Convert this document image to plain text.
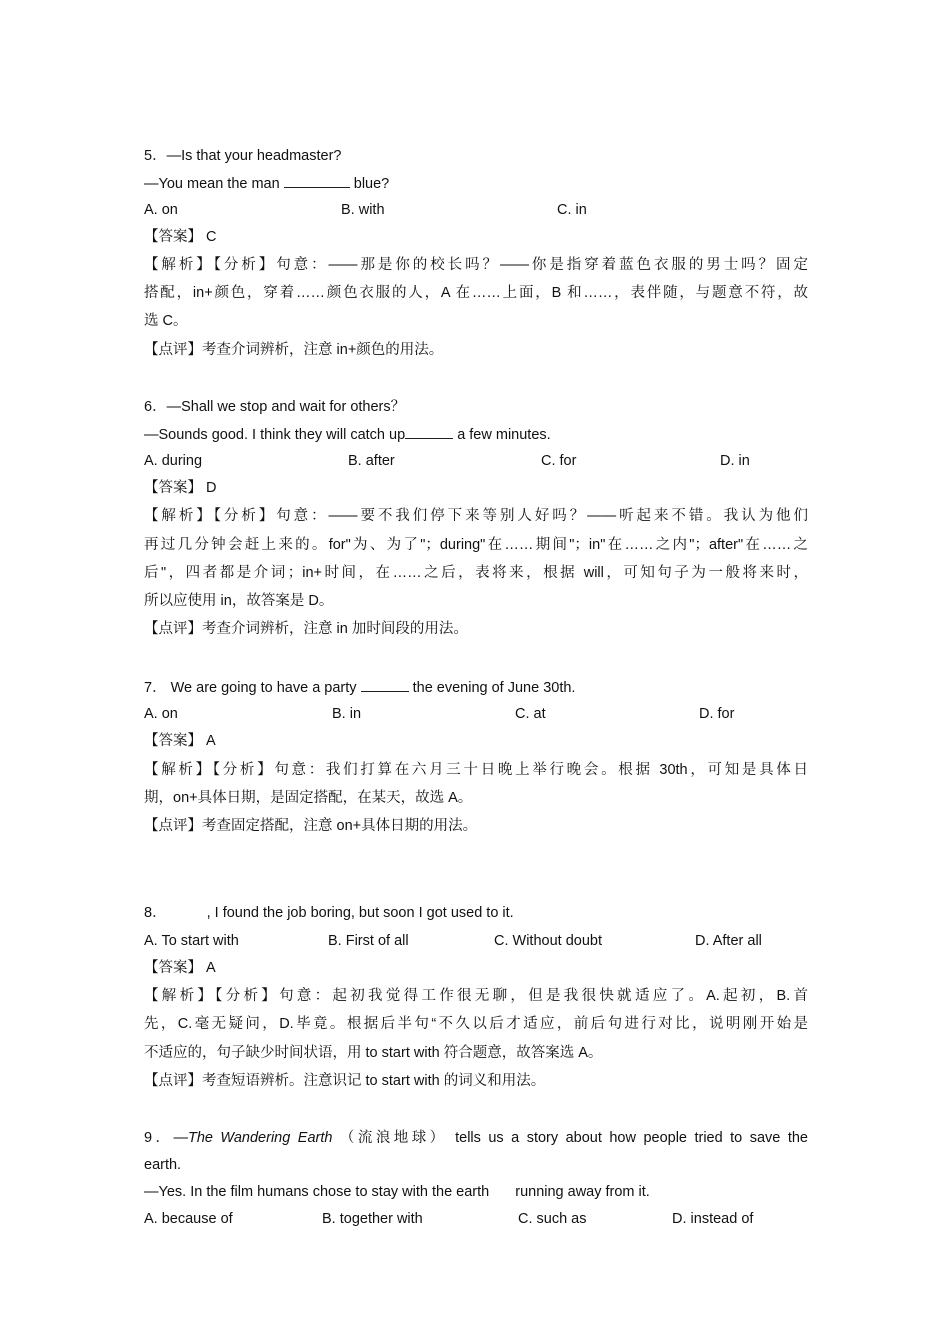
5．—Is that your headmaster?
—You mean the man	blue?
A. on	B. with	C. in
【答案】 C
【解析】【分析】句意：——那是你的校长吗？——你是指穿着蓝色衣服的男士吗？固定
搭配，in+颜色，穿着……颜色衣服的人，A 在……上面，B 和……，表伴随，与题意不符，故
选 C。
【点评】考查介词辨析，注意 in+颜色的用法。
6．—Shall we stop and wait for others？
—Sounds good. I think they will catch up	a few minutes.
A. during	B. after	C. for	D. in
【答案】 D
【解析】【分析】句意：——要不我们停下来等别人好吗？——听起来不错。我认为他们
再过几分钟会赶上来的。for"为、为了"；during"在……期间"；in"在……之内"；after"在……之
后"，四者都是介词；in+时间，在……之后，表将来，根据 will，可知句子为一般将来时，
所以应使用 in，故答案是 D。
【点评】考查介词辨析，注意 in 加时间段的用法。
7． We are going to have a party	the evening of June 30th.
A. on	B. in	C. at	D. for
【答案】 A
【解析】【分析】句意：我们打算在六月三十日晚上举行晚会。根据 30th，可知是具体日
期，on+具体日期，是固定搭配，在某天，故选 A。
【点评】考查固定搭配，注意 on+具体日期的用法。
8．	, I found the job boring, but soon I got used to it.
A. To start with	B. First of all	C. Without doubt	D. After all
【答案】 A
【解析】【分析】句意：起初我觉得工作很无聊，但是我很快就适应了。A.起初，B.首
先，C.毫无疑问，D.毕竟。根据后半句“不久以后才适应，前后句进行对比，说明刚开始是
不适应的，句子缺少时间状语，用 to start with 符合题意，故答案选 A。
【点评】考查短语辨析。注意识记 to start with 的词义和用法。
9．—The Wandering Earth （流浪地球） tells us a story about how people tried to save the
earth.
—Yes. In the film humans chose to stay with the earth running away from it.
A. because of	B. together with	C. such as	D. instead of
